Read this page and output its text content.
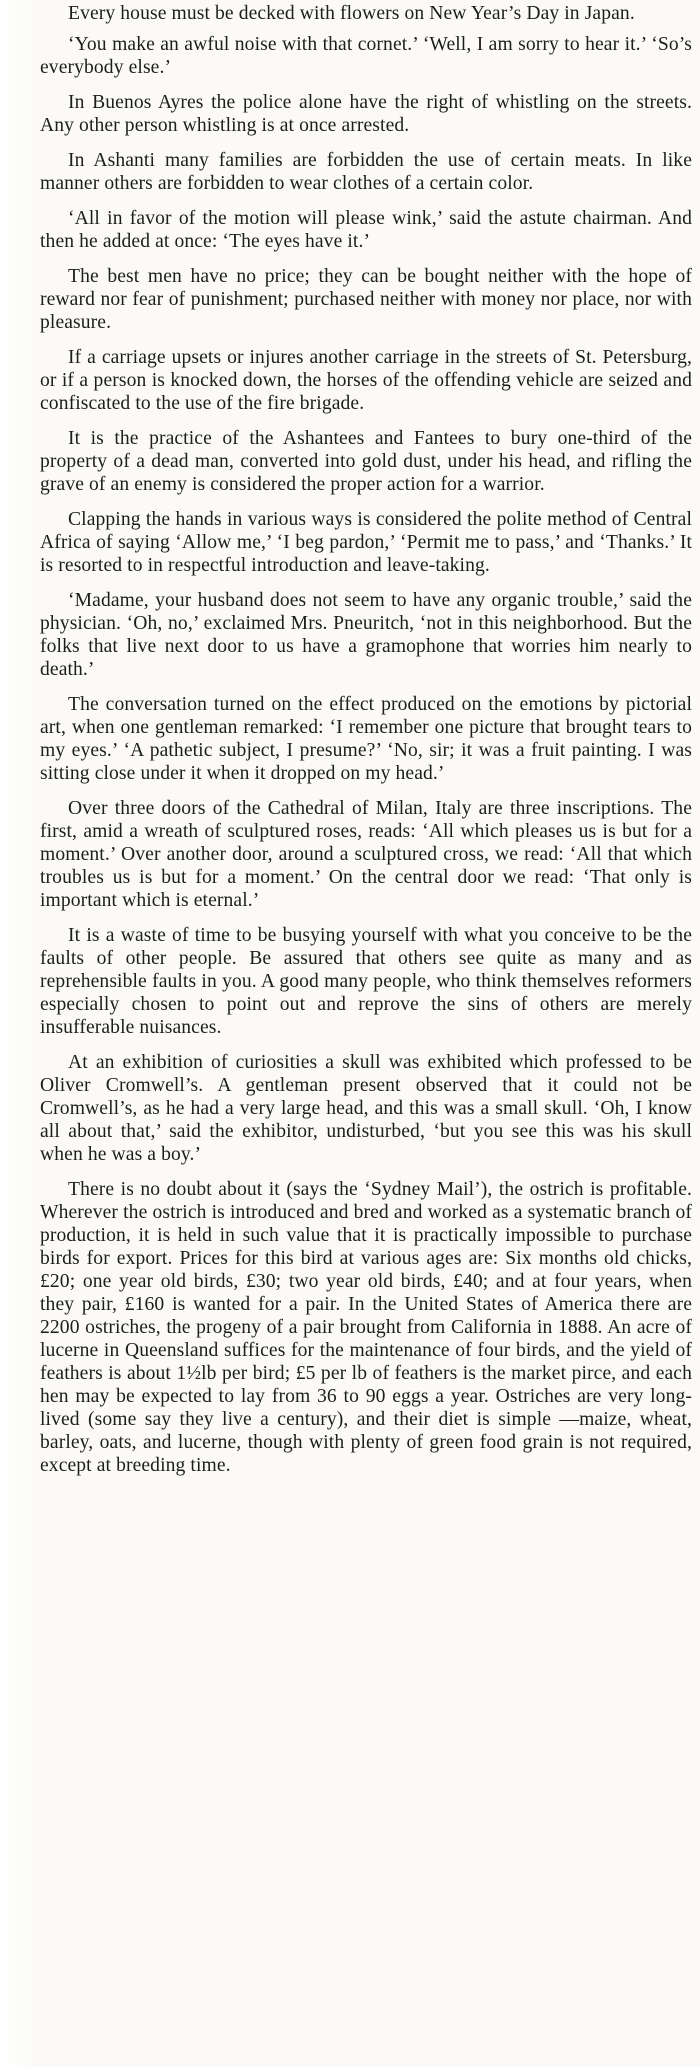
Every house must be decked with flowers on New Year’s Day in Japan.

‘You make an awful noise with that cornet.’ ‘Well, I am sorry to hear it.’ ‘So’s everybody else.’

In Buenos Ayres the police alone have the right of whistling on the streets. Any other person whistling is at once arrested.

In Ashanti many families are forbidden the use of certain meats. In like manner others are forbidden to wear clothes of a certain color.

‘All in favor of the motion will please wink,’ said the astute chairman. And then he added at once: ‘The eyes have it.’

The best men have no price; they can be bought neither with the hope of reward nor fear of punishment; purchased neither with money nor place, nor with pleasure.

If a carriage upsets or injures another carriage in the streets of St. Petersburg, or if a person is knocked down, the horses of the offending vehicle are seized and confiscated to the use of the fire brigade.

It is the practice of the Ashantees and Fantees to bury one-third of the property of a dead man, converted into gold dust, under his head, and rifling the grave of an enemy is considered the proper action for a warrior.

Clapping the hands in various ways is considered the polite method of Central Africa of saying ‘Allow me,’ ‘I beg pardon,’ ‘Permit me to pass,’ and ‘Thanks.’ It is resorted to in respectful introduction and leave-taking.

‘Madame, your husband does not seem to have any organic trouble,’ said the physician. ‘Oh, no,’ exclaimed Mrs. Pneuritch, ‘not in this neighborhood. But the folks that live next door to us have a gramophone that worries him nearly to death.’

The conversation turned on the effect produced on the emotions by pictorial art, when one gentleman remarked: ‘I remember one picture that brought tears to my eyes.’ ‘A pathetic subject, I presume?’ ‘No, sir; it was a fruit painting. I was sitting close under it when it dropped on my head.’

Over three doors of the Cathedral of Milan, Italy are three inscriptions. The first, amid a wreath of sculptured roses, reads: ‘All which pleases us is but for a moment.’ Over another door, around a sculptured cross, we read: ‘All that which troubles us is but for a moment.’ On the central door we read: ‘That only is important which is eternal.’

It is a waste of time to be busying yourself with what you conceive to be the faults of other people. Be assured that others see quite as many and as reprehensible faults in you. A good many people, who think themselves reformers especially chosen to point out and reprove the sins of others are merely insufferable nuisances.

At an exhibition of curiosities a skull was exhibited which professed to be Oliver Cromwell’s. A gentleman present observed that it could not be Cromwell’s, as he had a very large head, and this was a small skull. ‘Oh, I know all about that,’ said the exhibitor, undisturbed, ‘but you see this was his skull when he was a boy.’

There is no doubt about it (says the ‘Sydney Mail’), the ostrich is profitable. Wherever the ostrich is introduced and bred and worked as a systematic branch of production, it is held in such value that it is practically impossible to purchase birds for export. Prices for this bird at various ages are: Six months old chicks, £20; one year old birds, £30; two year old birds, £40; and at four years, when they pair, £160 is wanted for a pair. In the United States of America there are 2200 ostriches, the progeny of a pair brought from California in 1888. An acre of lucerne in Queensland suffices for the maintenance of four birds, and the yield of feathers is about 1½lb per bird; £5 per lb of feathers is the market pirce, and each hen may be expected to lay from 36 to 90 eggs a year. Ostriches are very long-lived (some say they live a century), and their diet is simple —maize, wheat, barley, oats, and lucerne, though with plenty of green food grain is not required, except at breeding time.
